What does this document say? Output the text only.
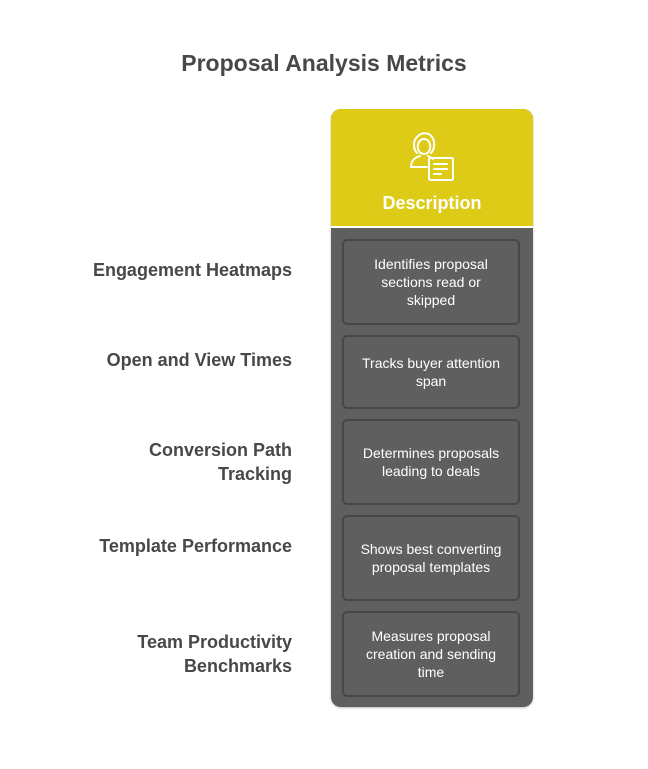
Proposal Analysis Metrics
Description
Identifies proposal sections read or skipped
Tracks buyer attention span
Determines proposals leading to deals
Shows best converting proposal templates
Measures proposal creation and sending time
Engagement Heatmaps
Open and View Times
Conversion Path Tracking
Template Performance
Team Productivity Benchmarks
